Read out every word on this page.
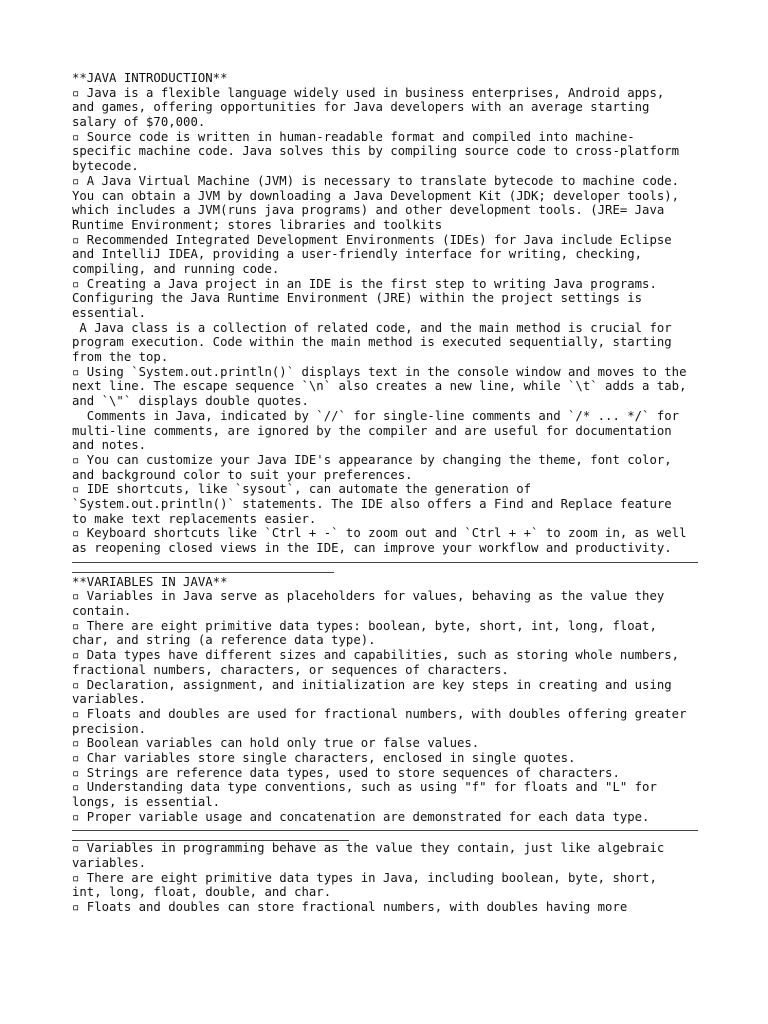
**JAVA INTRODUCTION**
▫ Java is a flexible language widely used in business enterprises, Android apps,
and games, offering opportunities for Java developers with an average starting
salary of $70,000.
▫ Source code is written in human-readable format and compiled into machine-
specific machine code. Java solves this by compiling source code to cross-platform
bytecode.
▫ A Java Virtual Machine (JVM) is necessary to translate bytecode to machine code.
You can obtain a JVM by downloading a Java Development Kit (JDK; developer tools),
which includes a JVM(runs java programs) and other development tools. (JRE= Java
Runtime Environment; stores libraries and toolkits
▫ Recommended Integrated Development Environments (IDEs) for Java include Eclipse
and IntelliJ IDEA, providing a user-friendly interface for writing, checking,
compiling, and running code.
▫ Creating a Java project in an IDE is the first step to writing Java programs.
Configuring the Java Runtime Environment (JRE) within the project settings is
essential.
A Java class is a collection of related code, and the main method is crucial for
program execution. Code within the main method is executed sequentially, starting
from the top.
▫ Using `System.out.println()` displays text in the console window and moves to the
next line. The escape sequence `\n` also creates a new line, while `\t` adds a tab,
and `\"` displays double quotes.
Comments in Java, indicated by `//` for single-line comments and `/* ... */` for
multi-line comments, are ignored by the compiler and are useful for documentation
and notes.
▫ You can customize your Java IDE's appearance by changing the theme, font color,
and background color to suit your preferences.
▫ IDE shortcuts, like `sysout`, can automate the generation of
`System.out.println()` statements. The IDE also offers a Find and Replace feature
to make text replacements easier.
▫ Keyboard shortcuts like `Ctrl + -` to zoom out and `Ctrl + +` to zoom in, as well
as reopening closed views in the IDE, can improve your workflow and productivity.
**VARIABLES IN JAVA**
▫ Variables in Java serve as placeholders for values, behaving as the value they
contain.
▫ There are eight primitive data types: boolean, byte, short, int, long, float,
char, and string (a reference data type).
▫ Data types have different sizes and capabilities, such as storing whole numbers,
fractional numbers, characters, or sequences of characters.
▫ Declaration, assignment, and initialization are key steps in creating and using
variables.
▫ Floats and doubles are used for fractional numbers, with doubles offering greater
precision.
▫ Boolean variables can hold only true or false values.
▫ Char variables store single characters, enclosed in single quotes.
▫ Strings are reference data types, used to store sequences of characters.
▫ Understanding data type conventions, such as using "f" for floats and "L" for
longs, is essential.
▫ Proper variable usage and concatenation are demonstrated for each data type.
▫ Variables in programming behave as the value they contain, just like algebraic
variables.
▫ There are eight primitive data types in Java, including boolean, byte, short,
int, long, float, double, and char.
▫ Floats and doubles can store fractional numbers, with doubles having more
